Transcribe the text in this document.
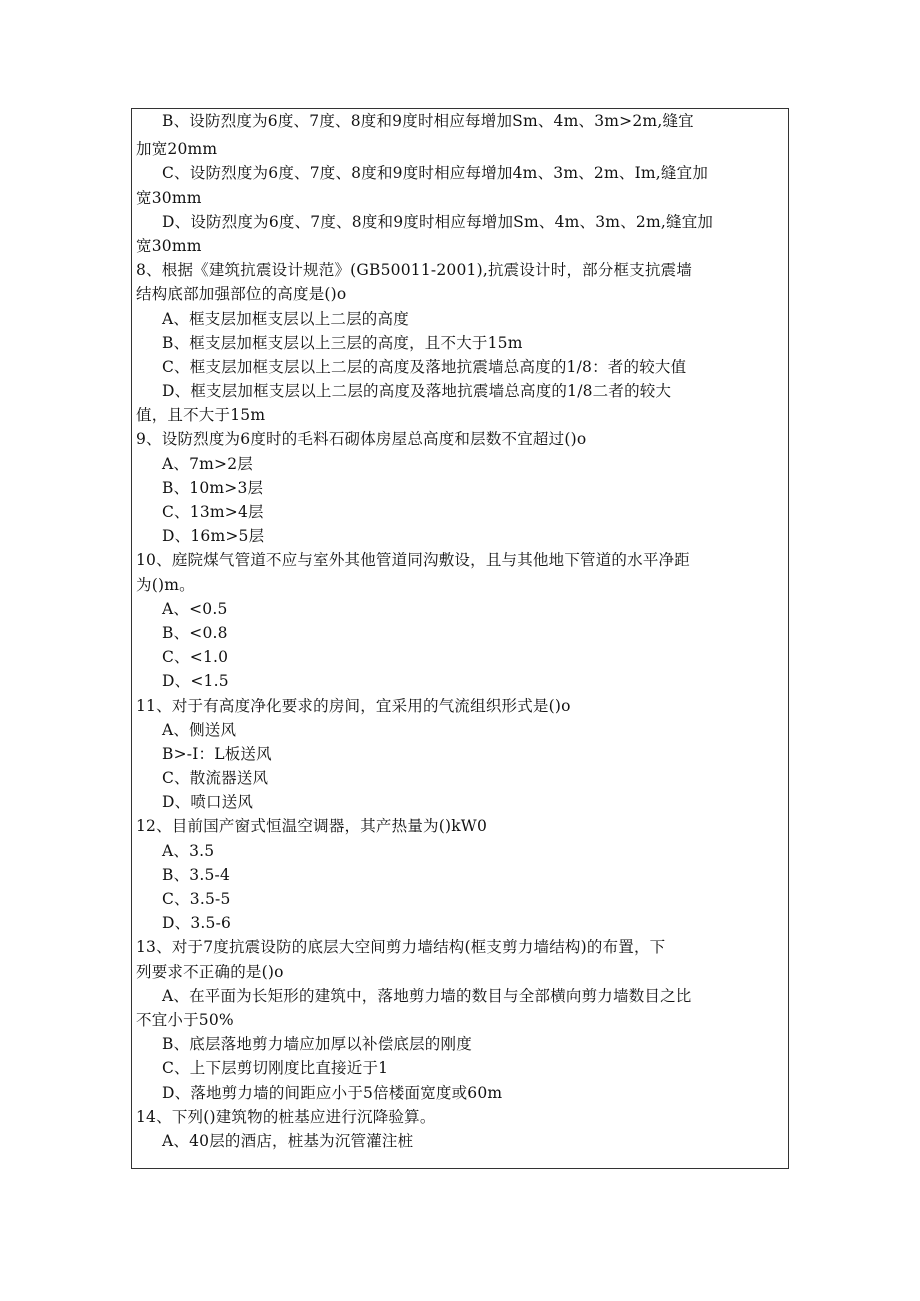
B、设防烈度为6度、7度、8度和9度时相应每增加Sm、4m、3m>2m,缝宜
加宽20mm
C、设防烈度为6度、7度、8度和9度时相应每增加4m、3m、2m、Im,缝宜加
宽30mm
D、设防烈度为6度、7度、8度和9度时相应每增加Sm、4m、3m、2m,缝宜加
宽30mm
8、根据《建筑抗震设计规范》(GB50011-2001),抗震设计时，部分框支抗震墙
结构底部加强部位的高度是()o
A、框支层加框支层以上二层的高度
B、框支层加框支层以上三层的高度，且不大于15m
C、框支层加框支层以上二层的高度及落地抗震墙总高度的1/8：者的较大值
D、框支层加框支层以上二层的高度及落地抗震墙总高度的1/8二者的较大
值，且不大于15m
9、设防烈度为6度时的毛料石砌体房屋总高度和层数不宜超过()o
A、7m>2层
B、10m>3层
C、13m>4层
D、16m>5层
10、庭院煤气管道不应与室外其他管道同沟敷设，且与其他地下管道的水平净距
为()m。
A、<0.5
B、<0.8
C、<1.0
D、<1.5
11、对于有高度净化要求的房间，宜采用的气流组织形式是()o
A、侧送风
B>-I：L板送风
C、散流器送风
D、喷口送风
12、目前国产窗式恒温空调器，其产热量为()kW0
A、3.5
B、3.5-4
C、3.5-5
D、3.5-6
13、对于7度抗震设防的底层大空间剪力墙结构(框支剪力墙结构)的布置，下
列要求不正确的是()o
A、在平面为长矩形的建筑中，落地剪力墙的数目与全部横向剪力墙数目之比
不宜小于50%
B、底层落地剪力墙应加厚以补偿底层的刚度
C、上下层剪切刚度比直接近于1
D、落地剪力墙的间距应小于5倍楼面宽度或60m
14、下列()建筑物的桩基应进行沉降验算。
A、40层的酒店，桩基为沉管灌注桩
